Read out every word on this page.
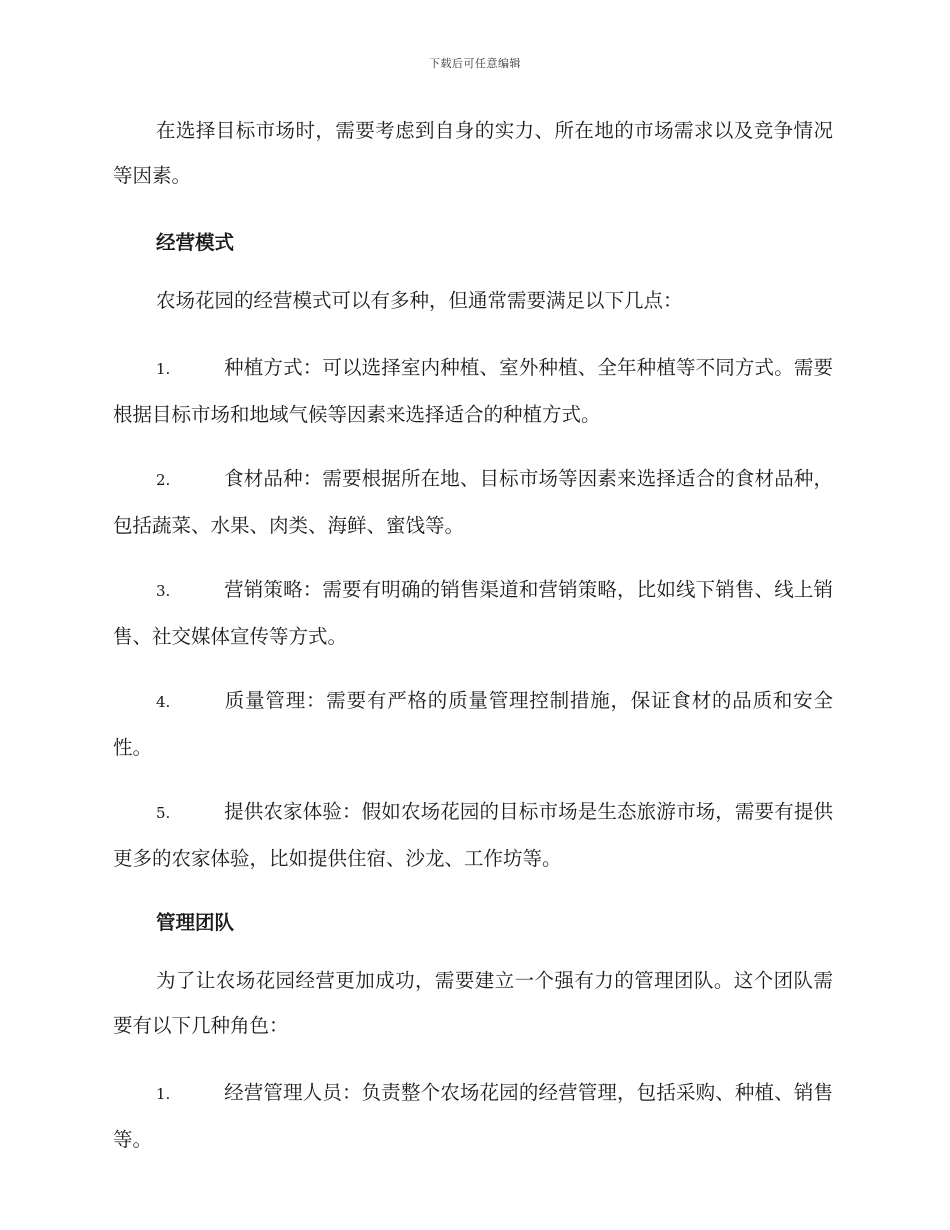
下载后可任意编辑

在选择目标市场时，需要考虑到自身的实力、所在地的市场需求以及竞争情况等因素。

经营模式

农场花园的经营模式可以有多种，但通常需要满足以下几点：

1.	种植方式：可以选择室内种植、室外种植、全年种植等不同方式。需要根据目标市场和地域气候等因素来选择适合的种植方式。
2.	食材品种：需要根据所在地、目标市场等因素来选择适合的食材品种，包括蔬菜、水果、肉类、海鲜、蜜饯等。
3.	营销策略：需要有明确的销售渠道和营销策略，比如线下销售、线上销售、社交媒体宣传等方式。
4.	质量管理：需要有严格的质量管理控制措施，保证食材的品质和安全性。
5.	提供农家体验：假如农场花园的目标市场是生态旅游市场，需要有提供更多的农家体验，比如提供住宿、沙龙、工作坊等。
管理团队

为了让农场花园经营更加成功，需要建立一个强有力的管理团队。这个团队需要有以下几种角色：

1.	经营管理人员：负责整个农场花园的经营管理，包括采购、种植、销售等。
